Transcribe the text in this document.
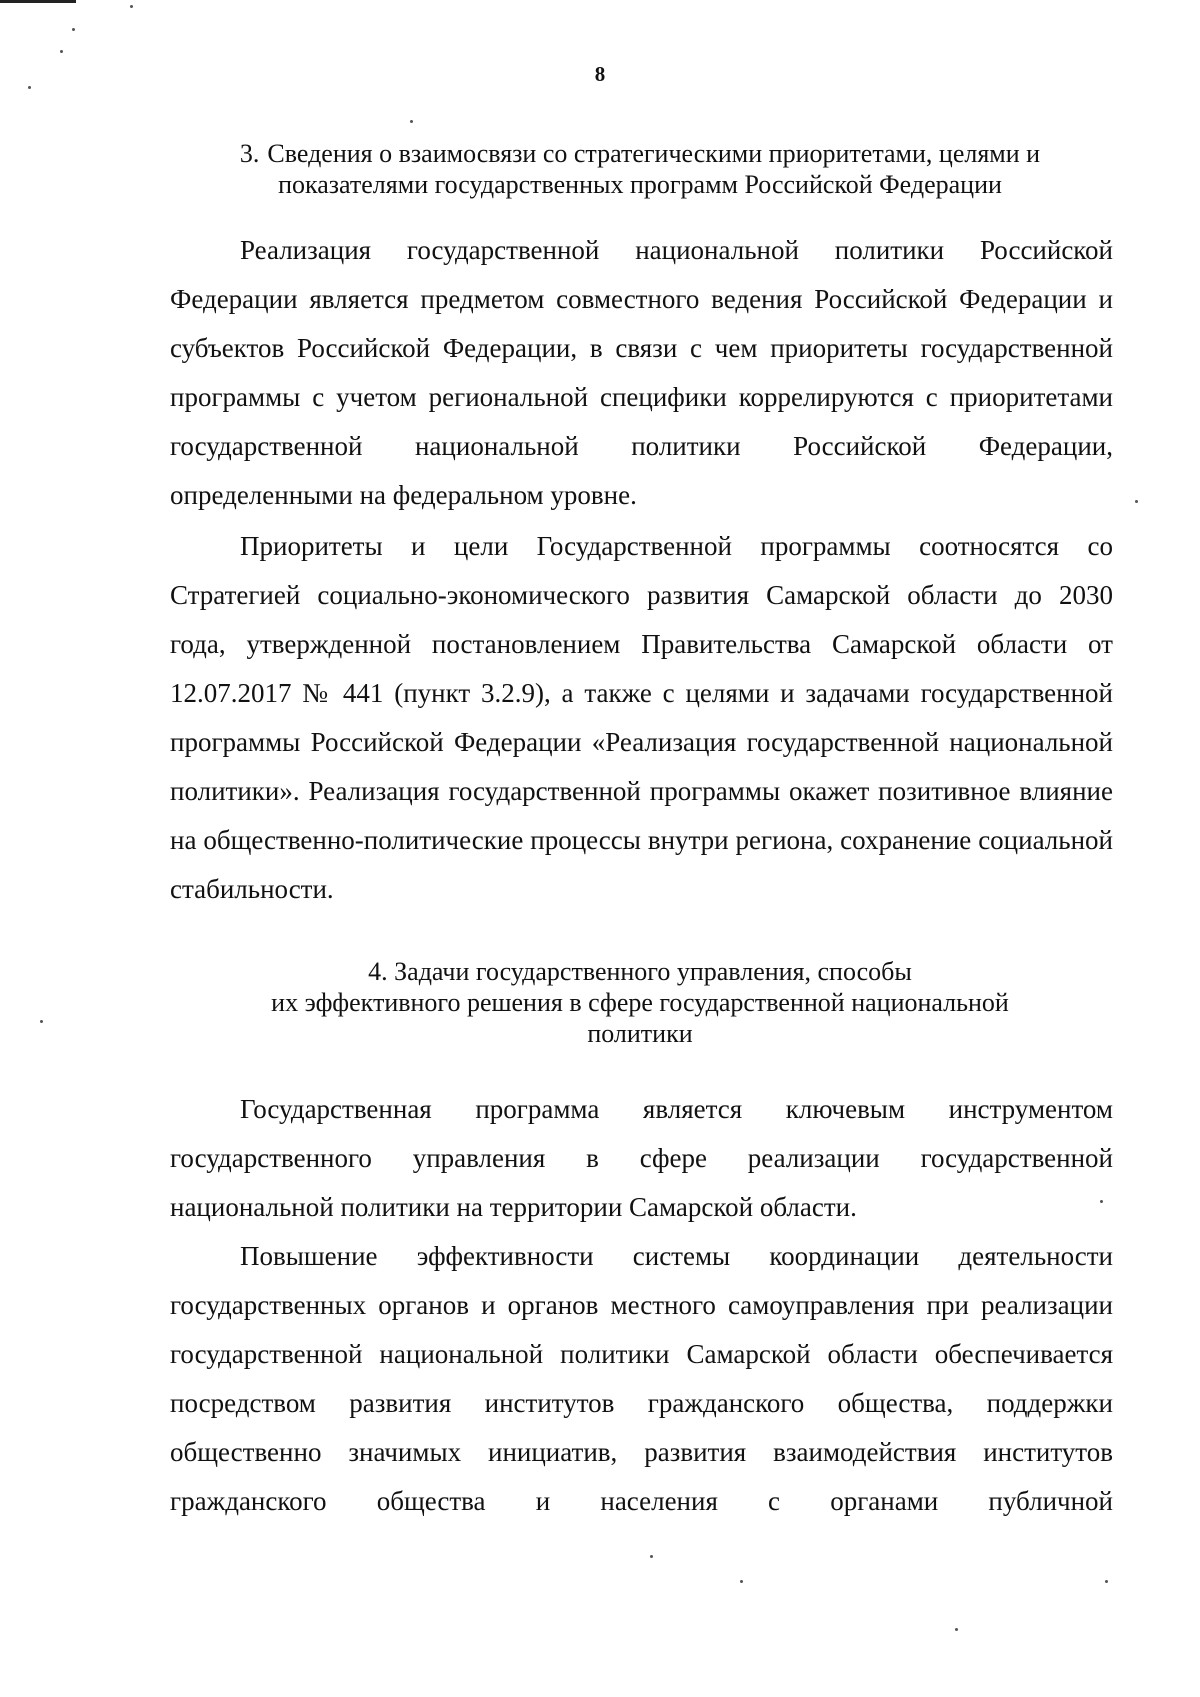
8
3. Сведения о взаимосвязи со стратегическими приоритетами, целями и
показателями государственных программ Российской Федерации

Реализация государственной национальной политики Российской Федерации является предметом совместного ведения Российской Федерации и субъектов Российской Федерации, в связи с чем приоритеты государственной программы с учетом региональной специфики коррелируются с приоритетами государственной национальной политики Российской Федерации, определенными на федеральном уровне.

Приоритеты и цели Государственной программы соотносятся со Стратегией социально-экономического развития Самарской области до 2030 года, утвержденной постановлением Правительства Самарской области от 12.07.2017 № 441 (пункт 3.2.9), а также с целями и задачами государственной программы Российской Федерации «Реализация государственной национальной политики». Реализация государственной программы окажет позитивное влияние на общественно-политические процессы внутри региона, сохранение социальной стабильности.

4. Задачи государственного управления, способы
их эффективного решения в сфере государственной национальной
политики

Государственная программа является ключевым инструментом государственного управления в сфере реализации государственной национальной политики на территории Самарской области.

Повышение эффективности системы координации деятельности государственных органов и органов местного самоуправления при реализации государственной национальной политики Самарской области обеспечивается посредством развития институтов гражданского общества, поддержки общественно значимых инициатив, развития взаимодействия институтов гражданского общества и населения с органами публичной
